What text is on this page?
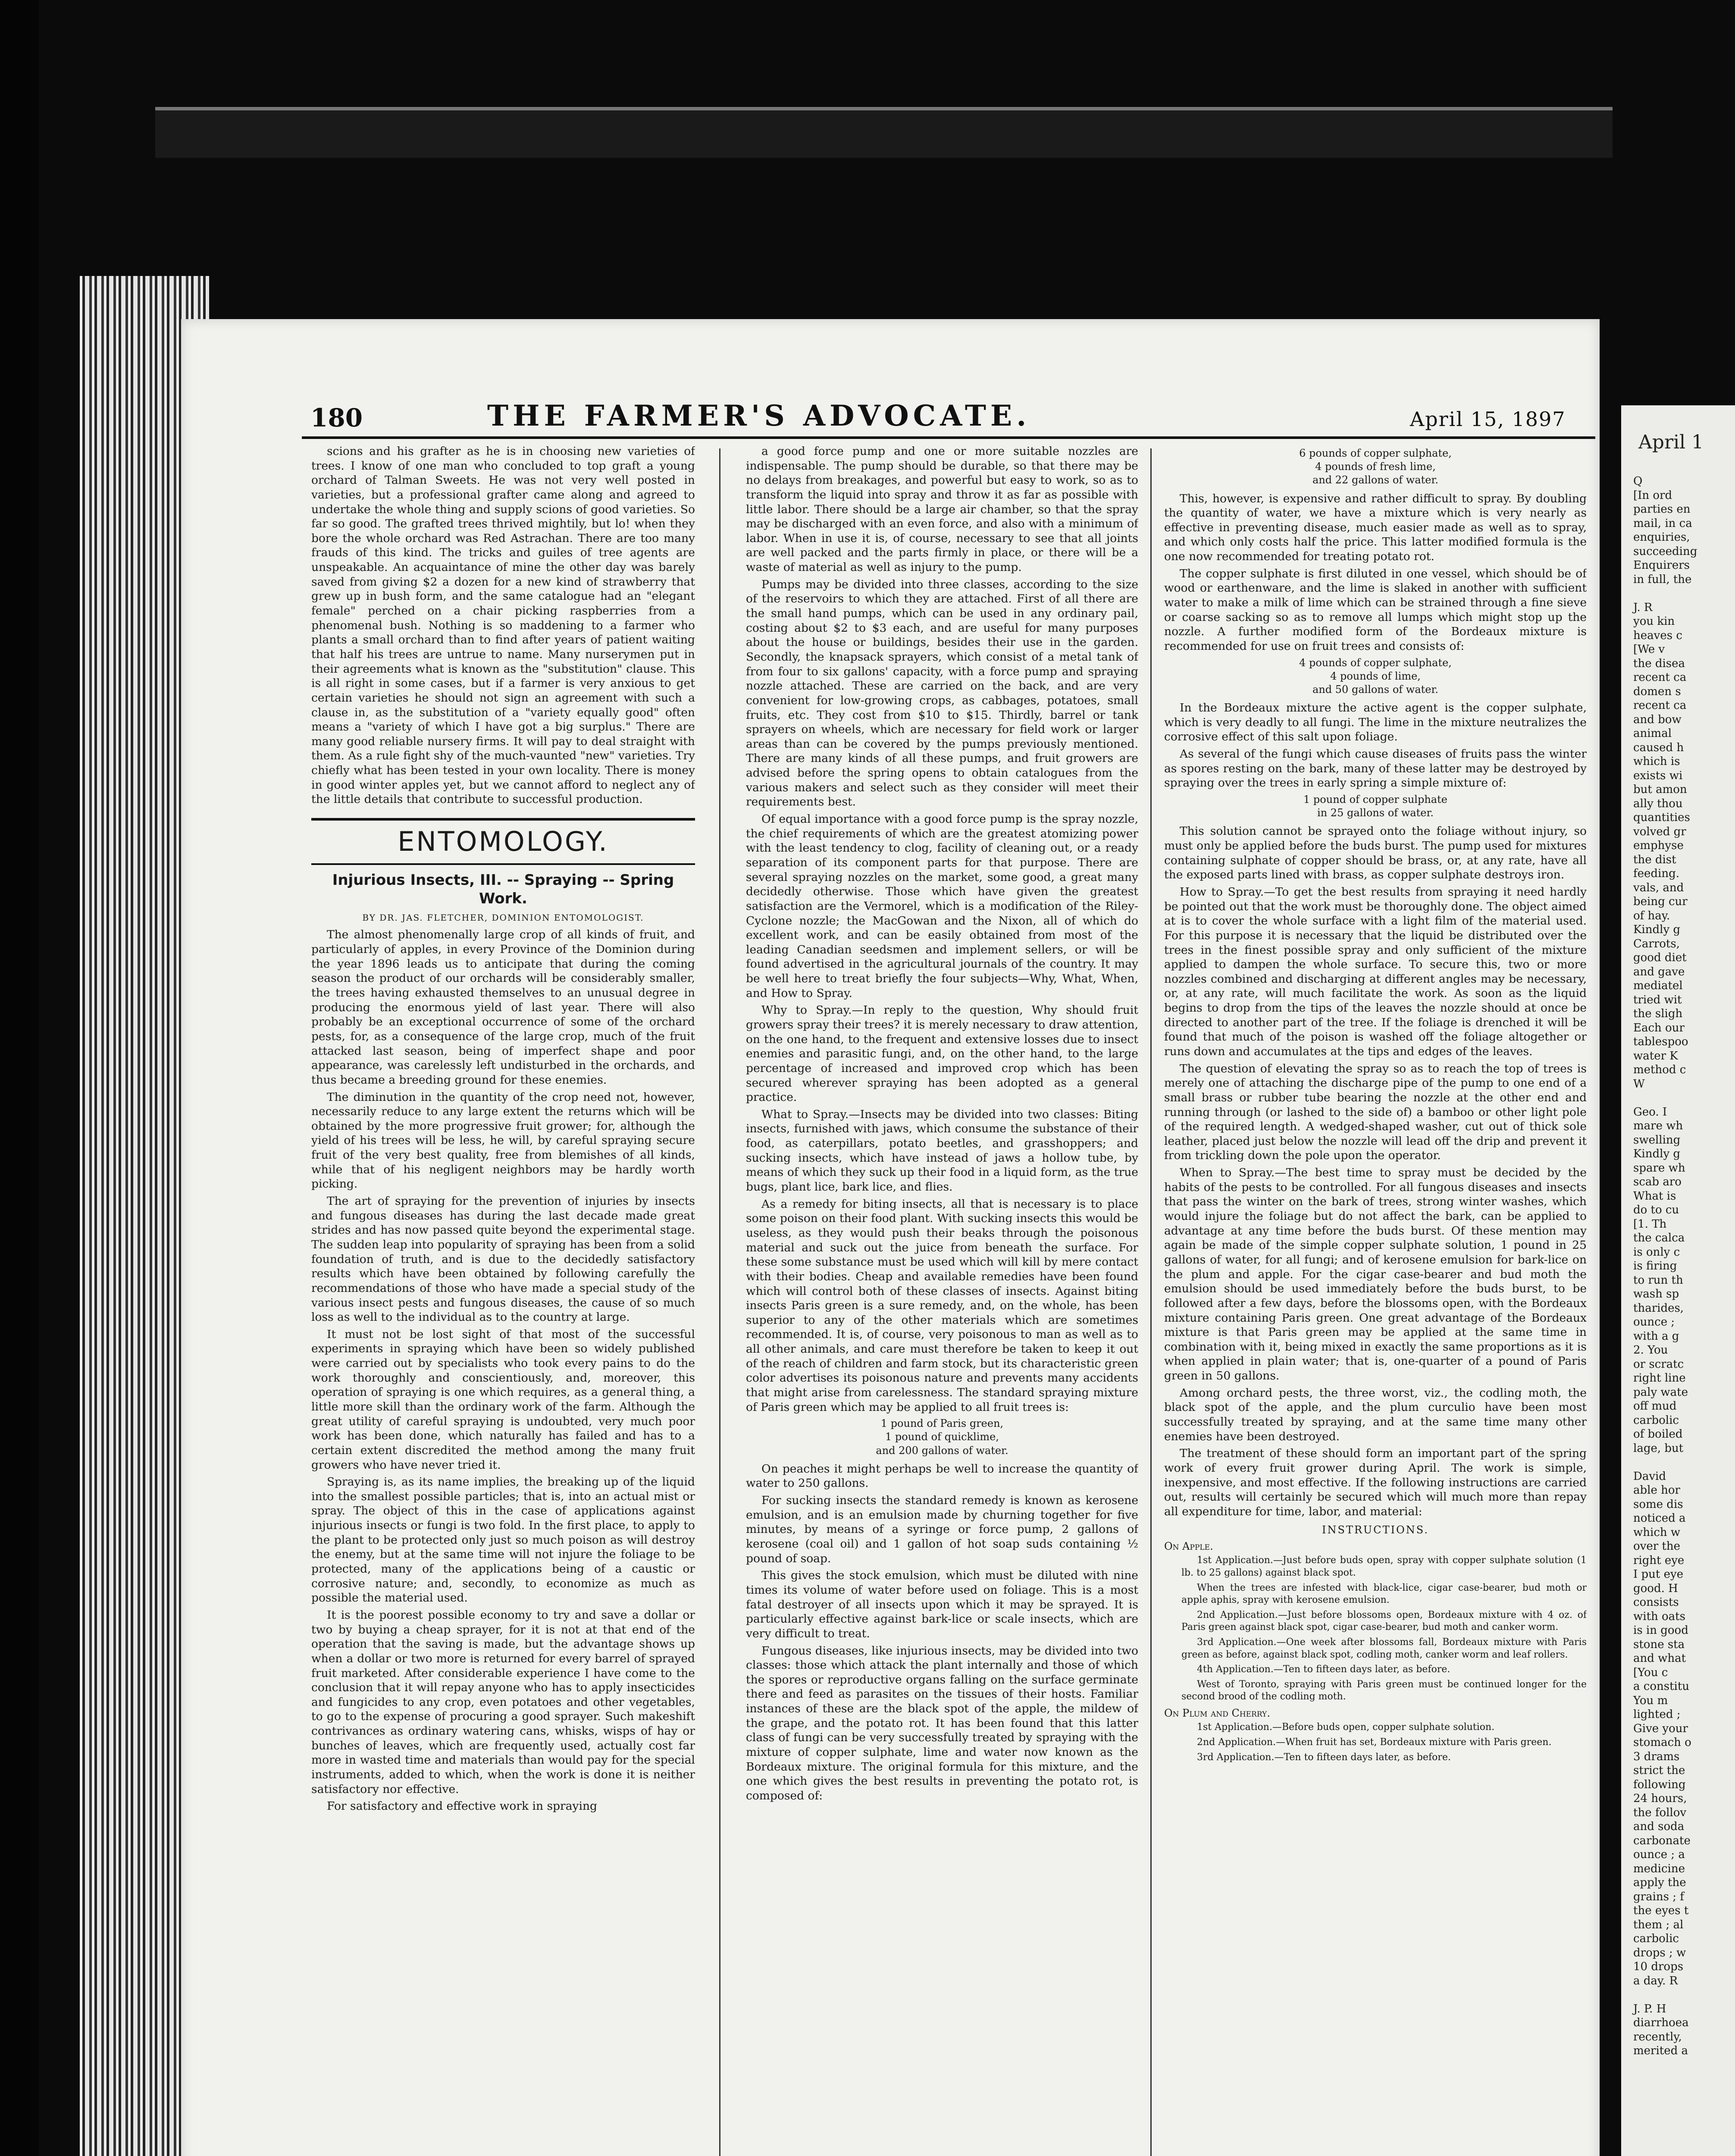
180	THE FARMER'S ADVOCATE.	April 15, 1897

scions and his grafter as he is in choosing new varieties of trees. I know of one man who concluded to top graft a young orchard of Talman Sweets. He was not very well posted in varieties, but a professional grafter came along and agreed to undertake the whole thing and supply scions of good varieties. So far so good. The grafted trees thrived mightily, but lo! when they bore the whole orchard was Red Astrachan. There are too many frauds of this kind. The tricks and guiles of tree agents are unspeakable. An acquaintance of mine the other day was barely saved from giving $2 a dozen for a new kind of strawberry that grew up in bush form, and the same catalogue had an "elegant female" perched on a chair picking raspberries from a phenomenal bush. Nothing is so maddening to a farmer who plants a small orchard than to find after years of patient waiting that half his trees are untrue to name. Many nurserymen put in their agreements what is known as the "substitution" clause. This is all right in some cases, but if a farmer is very anxious to get certain varieties he should not sign an agreement with such a clause in, as the substitution of a "variety equally good" often means a "variety of which I have got a big surplus." There are many good reliable nursery firms. It will pay to deal straight with them. As a rule fight shy of the much-vaunted "new" varieties. Try chiefly what has been tested in your own locality. There is money in good winter apples yet, but we cannot afford to neglect any of the little details that contribute to successful production.

ENTOMOLOGY.
Injurious Insects, III. -- Spraying -- Spring Work.
BY DR. JAS. FLETCHER, DOMINION ENTOMOLOGIST.

The almost phenomenally large crop of all kinds of fruit, and particularly of apples, in every Province of the Dominion during the year 1896 leads us to anticipate that during the coming season the product of our orchards will be considerably smaller, the trees having exhausted themselves to an unusual degree in producing the enormous yield of last year. There will also probably be an exceptional occurrence of some of the orchard pests, for, as a consequence of the large crop, much of the fruit attacked last season, being of imperfect shape and poor appearance, was carelessly left undisturbed in the orchards, and thus became a breeding ground for these enemies.

The diminution in the quantity of the crop need not, however, necessarily reduce to any large extent the returns which will be obtained by the more progressive fruit grower; for, although the yield of his trees will be less, he will, by careful spraying secure fruit of the very best quality, free from blemishes of all kinds, while that of his negligent neighbors may be hardly worth picking.

The art of spraying for the prevention of injuries by insects and fungous diseases has during the last decade made great strides and has now passed quite beyond the experimental stage. The sudden leap into popularity of spraying has been from a solid foundation of truth, and is due to the decidedly satisfactory results which have been obtained by following carefully the recommendations of those who have made a special study of the various insect pests and fungous diseases, the cause of so much loss as well to the individual as to the country at large.

It must not be lost sight of that most of the successful experiments in spraying which have been so widely published were carried out by specialists who took every pains to do the work thoroughly and conscientiously, and, moreover, this operation of spraying is one which requires, as a general thing, a little more skill than the ordinary work of the farm. Although the great utility of careful spraying is undoubted, very much poor work has been done, which naturally has failed and has to a certain extent discredited the method among the many fruit growers who have never tried it.

Spraying is, as its name implies, the breaking up of the liquid into the smallest possible particles; that is, into an actual mist or spray. The object of this in the case of applications against injurious insects or fungi is two fold. In the first place, to apply to the plant to be protected only just so much poison as will destroy the enemy, but at the same time will not injure the foliage to be protected, many of the applications being of a caustic or corrosive nature; and, secondly, to economize as much as possible the material used.

It is the poorest possible economy to try and save a dollar or two by buying a cheap sprayer, for it is not at that end of the operation that the saving is made, but the advantage shows up when a dollar or two more is returned for every barrel of sprayed fruit marketed. After considerable experience I have come to the conclusion that it will repay anyone who has to apply insecticides and fungicides to any crop, even potatoes and other vegetables, to go to the expense of procuring a good sprayer. Such makeshift contrivances as ordinary watering cans, whisks, wisps of hay or bunches of leaves, which are frequently used, actually cost far more in wasted time and materials than would pay for the special instruments, added to which, when the work is done it is neither satisfactory nor effective.

For satisfactory and effective work in spraying

a good force pump and one or more suitable nozzles are indispensable. The pump should be durable, so that there may be no delays from breakages, and powerful but easy to work, so as to transform the liquid into spray and throw it as far as possible with little labor. There should be a large air chamber, so that the spray may be discharged with an even force, and also with a minimum of labor. When in use it is, of course, necessary to see that all joints are well packed and the parts firmly in place, or there will be a waste of material as well as injury to the pump.

Pumps may be divided into three classes, according to the size of the reservoirs to which they are attached. First of all there are the small hand pumps, which can be used in any ordinary pail, costing about $2 to $3 each, and are useful for many purposes about the house or buildings, besides their use in the garden. Secondly, the knapsack sprayers, which consist of a metal tank of from four to six gallons' capacity, with a force pump and spraying nozzle attached. These are carried on the back, and are very convenient for low-growing crops, as cabbages, potatoes, small fruits, etc. They cost from $10 to $15. Thirdly, barrel or tank sprayers on wheels, which are necessary for field work or larger areas than can be covered by the pumps previously mentioned. There are many kinds of all these pumps, and fruit growers are advised before the spring opens to obtain catalogues from the various makers and select such as they consider will meet their requirements best.

Of equal importance with a good force pump is the spray nozzle, the chief requirements of which are the greatest atomizing power with the least tendency to clog, facility of cleaning out, or a ready separation of its component parts for that purpose. There are several spraying nozzles on the market, some good, a great many decidedly otherwise. Those which have given the greatest satisfaction are the Vermorel, which is a modification of the Riley-Cyclone nozzle; the MacGowan and the Nixon, all of which do excellent work, and can be easily obtained from most of the leading Canadian seedsmen and implement sellers, or will be found advertised in the agricultural journals of the country. It may be well here to treat briefly the four subjects—Why, What, When, and How to Spray.

Why to Spray.—In reply to the question, Why should fruit growers spray their trees? it is merely necessary to draw attention, on the one hand, to the frequent and extensive losses due to insect enemies and parasitic fungi, and, on the other hand, to the large percentage of increased and improved crop which has been secured wherever spraying has been adopted as a general practice.

What to Spray.—Insects may be divided into two classes: Biting insects, furnished with jaws, which consume the substance of their food, as caterpillars, potato beetles, and grasshoppers; and sucking insects, which have instead of jaws a hollow tube, by means of which they suck up their food in a liquid form, as the true bugs, plant lice, bark lice, and flies.

As a remedy for biting insects, all that is necessary is to place some poison on their food plant. With sucking insects this would be useless, as they would push their beaks through the poisonous material and suck out the juice from beneath the surface. For these some substance must be used which will kill by mere contact with their bodies. Cheap and available remedies have been found which will control both of these classes of insects. Against biting insects Paris green is a sure remedy, and, on the whole, has been superior to any of the other materials which are sometimes recommended. It is, of course, very poisonous to man as well as to all other animals, and care must therefore be taken to keep it out of the reach of children and farm stock, but its characteristic green color advertises its poisonous nature and prevents many accidents that might arise from carelessness. The standard spraying mixture of Paris green which may be applied to all fruit trees is:

1 pound of Paris green,
1 pound of quicklime,
and 200 gallons of water.

On peaches it might perhaps be well to increase the quantity of water to 250 gallons.

For sucking insects the standard remedy is known as kerosene emulsion, and is an emulsion made by churning together for five minutes, by means of a syringe or force pump, 2 gallons of kerosene (coal oil) and 1 gallon of hot soap suds containing ½ pound of soap.

This gives the stock emulsion, which must be diluted with nine times its volume of water before used on foliage. This is a most fatal destroyer of all insects upon which it may be sprayed. It is particularly effective against bark-lice or scale insects, which are very difficult to treat.

Fungous diseases, like injurious insects, may be divided into two classes: those which attack the plant internally and those of which the spores or reproductive organs falling on the surface germinate there and feed as parasites on the tissues of their hosts. Familiar instances of these are the black spot of the apple, the mildew of the grape, and the potato rot. It has been found that this latter class of fungi can be very successfully treated by spraying with the mixture of copper sulphate, lime and water now known as the Bordeaux mixture. The original formula for this mixture, and the one which gives the best results in preventing the potato rot, is composed of:

6 pounds of copper sulphate,
4 pounds of fresh lime,
and 22 gallons of water.

This, however, is expensive and rather difficult to spray. By doubling the quantity of water, we have a mixture which is very nearly as effective in preventing disease, much easier made as well as to spray, and which only costs half the price. This latter modified formula is the one now recommended for treating potato rot.

The copper sulphate is first diluted in one vessel, which should be of wood or earthenware, and the lime is slaked in another with sufficient water to make a milk of lime which can be strained through a fine sieve or coarse sacking so as to remove all lumps which might stop up the nozzle. A further modified form of the Bordeaux mixture is recommended for use on fruit trees and consists of:

4 pounds of copper sulphate,
4 pounds of lime,
and 50 gallons of water.

In the Bordeaux mixture the active agent is the copper sulphate, which is very deadly to all fungi. The lime in the mixture neutralizes the corrosive effect of this salt upon foliage.

As several of the fungi which cause diseases of fruits pass the winter as spores resting on the bark, many of these latter may be destroyed by spraying over the trees in early spring a simple mixture of:

1 pound of copper sulphate
in 25 gallons of water.

This solution cannot be sprayed onto the foliage without injury, so must only be applied before the buds burst. The pump used for mixtures containing sulphate of copper should be brass, or, at any rate, have all the exposed parts lined with brass, as copper sulphate destroys iron.

How to Spray.—To get the best results from spraying it need hardly be pointed out that the work must be thoroughly done. The object aimed at is to cover the whole surface with a light film of the material used. For this purpose it is necessary that the liquid be distributed over the trees in the finest possible spray and only sufficient of the mixture applied to dampen the whole surface. To secure this, two or more nozzles combined and discharging at different angles may be necessary, or, at any rate, will much facilitate the work. As soon as the liquid begins to drop from the tips of the leaves the nozzle should at once be directed to another part of the tree. If the foliage is drenched it will be found that much of the poison is washed off the foliage altogether or runs down and accumulates at the tips and edges of the leaves.

The question of elevating the spray so as to reach the top of trees is merely one of attaching the discharge pipe of the pump to one end of a small brass or rubber tube bearing the nozzle at the other end and running through (or lashed to the side of) a bamboo or other light pole of the required length. A wedged-shaped washer, cut out of thick sole leather, placed just below the nozzle will lead off the drip and prevent it from trickling down the pole upon the operator.

When to Spray.—The best time to spray must be decided by the habits of the pests to be controlled. For all fungous diseases and insects that pass the winter on the bark of trees, strong winter washes, which would injure the foliage but do not affect the bark, can be applied to advantage at any time before the buds burst. Of these mention may again be made of the simple copper sulphate solution, 1 pound in 25 gallons of water, for all fungi; and of kerosene emulsion for bark-lice on the plum and apple. For the cigar case-bearer and bud moth the emulsion should be used immediately before the buds burst, to be followed after a few days, before the blossoms open, with the Bordeaux mixture containing Paris green. One great advantage of the Bordeaux mixture is that Paris green may be applied at the same time in combination with it, being mixed in exactly the same proportions as it is when applied in plain water; that is, one-quarter of a pound of Paris green in 50 gallons.

Among orchard pests, the three worst, viz., the codling moth, the black spot of the apple, and the plum curculio have been most successfully treated by spraying, and at the same time many other enemies have been destroyed.

The treatment of these should form an important part of the spring work of every fruit grower during April. The work is simple, inexpensive, and most effective. If the following instructions are carried out, results will certainly be secured which will much more than repay all expenditure for time, labor, and material:

INSTRUCTIONS.
On Apple.

1st Application.—Just before buds open, spray with copper sulphate solution (1 lb. to 25 gallons) against black spot.

When the trees are infested with black-lice, cigar case-bearer, bud moth or apple aphis, spray with kerosene emulsion.

2nd Application.—Just before blossoms open, Bordeaux mixture with 4 oz. of Paris green against black spot, cigar case-bearer, bud moth and canker worm.

3rd Application.—One week after blossoms fall, Bordeaux mixture with Paris green as before, against black spot, codling moth, canker worm and leaf rollers.

4th Application.—Ten to fifteen days later, as before.

West of Toronto, spraying with Paris green must be continued longer for the second brood of the codling moth.

On Plum and Cherry.

1st Application.—Before buds open, copper sulphate solution.

2nd Application.—When fruit has set, Bordeaux mixture with Paris green.

3rd Application.—Ten to fifteen days later, as before.

April 1

Q

[In ord

parties en

mail, in ca

enquiries,

succeeding

Enquirers

in full, the

J. R

you kin

heaves c

[We v

the disea

recent ca

domen s

recent ca

and bow

animal

caused h

which is

exists wi

but amon

ally thou

quantities

volved gr

emphyse

the dist

feeding.

vals, and

being cur

of hay.

Kindly g

Carrots,

good diet

and gave

mediatel

tried wit

the sligh

Each our

tablespoo

water K

method c

W

Geo. I

mare wh

swelling

Kindly g

spare wh

scab aro

What is

do to cu

[1. Th

the calca

is only c

is firing

to run th

wash sp

tharides,

ounce ;

with a g

2. You

or scratc

right line

paly wate

off mud

carbolic

of boiled

lage, but

David

able hor

some dis

noticed a

which w

over the

right eye

I put eye

good. H

consists

with oats

is in good

stone sta

and what

[You c

a constitu

You m

lighted ;

Give your

stomach o

3 drams

strict the

following

24 hours,

the follov

and soda

carbonate

ounce ; a

medicine

apply the

grains ; f

the eyes t

them ; al

carbolic

drops ; w

10 drops

a day. R

J. P. H

diarrhoea

recently,

merited a
